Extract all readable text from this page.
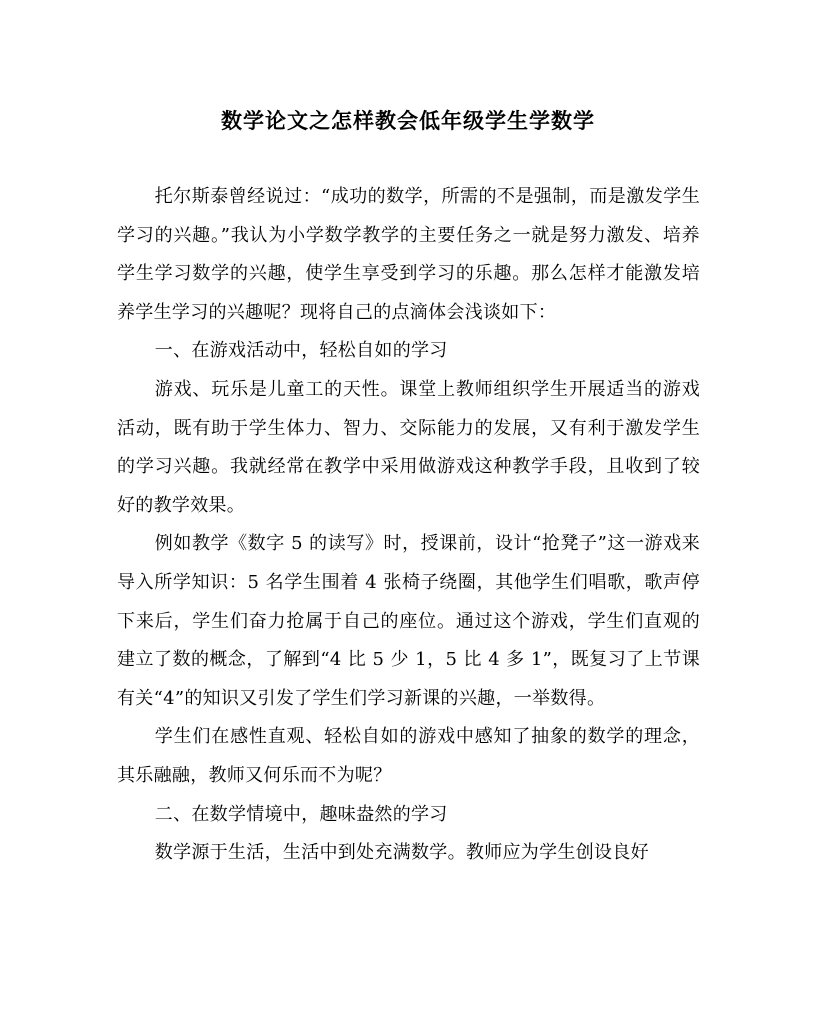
数学论文之怎样教会低年级学生学数学

托尔斯泰曾经说过：“成功的数学，所需的不是强制，而是激发学生学习的兴趣。”我认为小学数学教学的主要任务之一就是努力激发、培养学生学习数学的兴趣，使学生享受到学习的乐趣。那么怎样才能激发培养学生学习的兴趣呢？现将自己的点滴体会浅谈如下：

一、在游戏活动中，轻松自如的学习

游戏、玩乐是儿童工的天性。课堂上教师组织学生开展适当的游戏活动，既有助于学生体力、智力、交际能力的发展，又有利于激发学生的学习兴趣。我就经常在教学中采用做游戏这种教学手段，且收到了较好的教学效果。

例如教学《数字 5 的读写》时，授课前，设计“抢凳子”这一游戏来导入所学知识：5 名学生围着 4 张椅子绕圈，其他学生们唱歌，歌声停下来后，学生们奋力抢属于自己的座位。通过这个游戏，学生们直观的建立了数的概念，了解到“4 比 5 少 1，5 比 4 多 1”，既复习了上节课有关“4”的知识又引发了学生们学习新课的兴趣，一举数得。

学生们在感性直观、轻松自如的游戏中感知了抽象的数学的理念，其乐融融，教师又何乐而不为呢？

二、在数学情境中，趣味盎然的学习

数学源于生活，生活中到处充满数学。教师应为学生创设良好
